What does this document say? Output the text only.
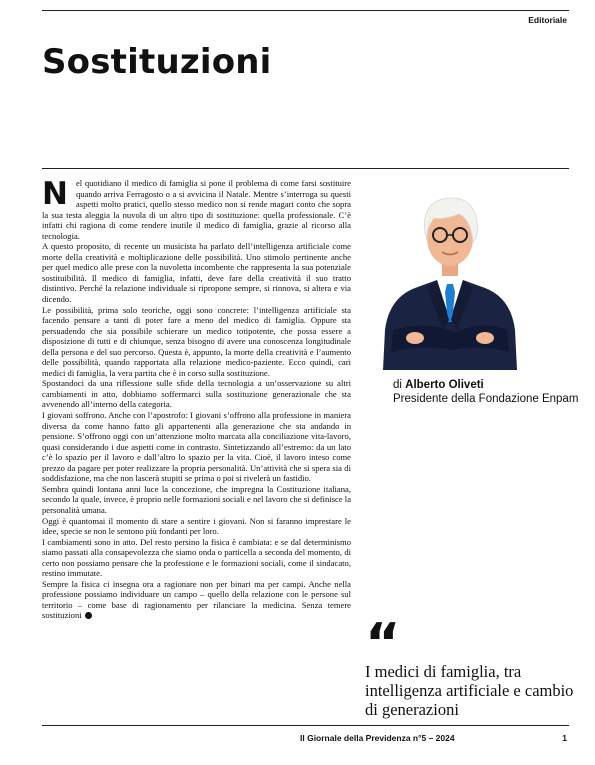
Editoriale
Sostituzioni

Nel quotidiano il medico di famiglia si pone il problema di come farsi sostituire quando arriva Ferragosto o a si avvicina il Natale. Mentre s’interroga su questi aspetti molto pratici, quello stesso medico non si rende magari conto che sopra la sua testa aleggia la nuvola di un altro tipo di sostituzione: quella professionale. C’è infatti chi ragiona di come rendere inutile il medico di famiglia, grazie al ricorso alla tecnologia.

A questo proposito, di recente un musicista ha parlato dell’intelligenza artificiale come morte della creatività e moltiplicazione delle possibilità. Uno stimolo pertinente anche per quel medico alle prese con la nuvoletta incombente che rappresenta la sua potenziale sostituibilità. Il medico di famiglia, infatti, deve fare della creatività il suo tratto distintivo. Perché la relazione individuale si ripropone sempre, si rinnova, si altera e via dicendo.

Le possibilità, prima solo teoriche, oggi sono concrete: l’intelligenza artificiale sta facendo pensare a tanti di poter fare a meno del medico di famiglia. Oppure sta persuadendo che sia possibile schierare un medico totipotente, che possa essere a disposizione di tutti e di chiunque, senza bisogno di avere una conoscenza longitudinale della persona e del suo percorso. Questa è, appunto, la morte della creatività e l’aumento delle possibilità, quando rapportata alla relazione medico-paziente. Ecco quindi, cari medici di famiglia, la vera partita che è in corso sulla sostituzione.

Spostandoci da una riflessione sulle sfide della tecnologia a un’osservazione su altri cambiamenti in atto, dobbiamo soffermarci sulla sostituzione generazionale che sta avvenendo all’interno della categoria.

I giovani soffrono. Anche con l’apostrofo: I giovani s’offrono alla professione in maniera diversa da come hanno fatto gli appartenenti alla generazione che sta andando in pensione. S’offrono oggi con un’attenzione molto marcata alla conciliazione vita-lavoro, quasi considerando i due aspetti come in contrasto. Sintetizzando all’estremo: da un lato c’è lo spazio per il lavoro e dall’altro lo spazio per la vita. Cioè, il lavoro inteso come prezzo da pagare per poter realizzare la propria personalità. Un’attività che si spera sia di soddisfazione, ma che non lascerà stupiti se prima o poi si rivelerà un fastidio.

Sembra quindi lontana anni luce la concezione, che impregna la Costituzione italiana, secondo la quale, invece, è proprio nelle formazioni sociali e nel lavoro che si definisce la personalità umana.

Oggi è quantomai il momento di stare a sentire i giovani. Non si faranno imprestare le idee, specie se non le sentono più fondanti per loro.

I cambiamenti sono in atto. Del resto persino la fisica è cambiata: e se dal determinismo siamo passati alla consapevolezza che siamo onda o particella a seconda del momento, di certo non possiamo pensare che la professione e le formazioni sociali, come il sindacato, restino immutate.

Sempre la fisica ci insegna ora a ragionare non per binari ma per campi. Anche nella professione possiamo individuare un campo – quello della relazione con le persone sul territorio – come base di ragionamento per rilanciare la medicina. Senza temere sostituzioni

di Alberto Oliveti
Presidente della Fondazione Enpam
“
I medici di famiglia, tra intelligenza artificiale e cambio di generazioni
Il Giornale della Previdenza n°5 – 2024	1
